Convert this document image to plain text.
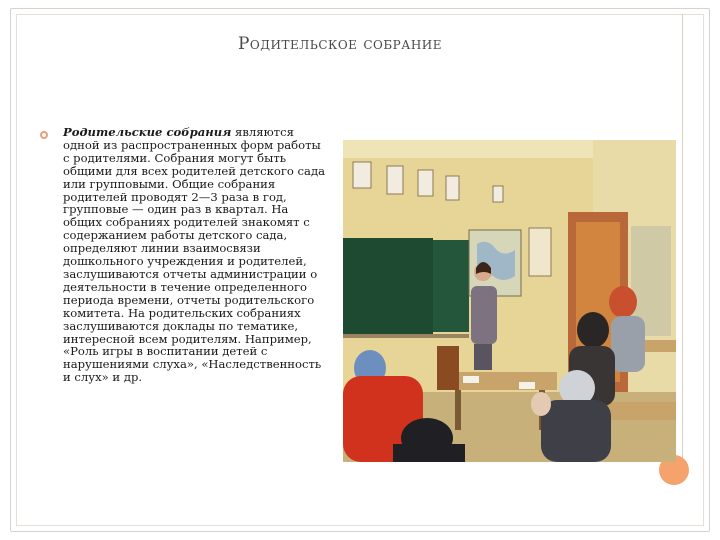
Родительское собрание
Родительские собрания являются одной из распространенных форм работы с родителями. Собрания могут быть общими для всех родителей детского сада или групповыми. Общие собрания родителей проводят 2—3 раза в год, групповые — один раз в квартал. На общих собраниях родителей знакомят с содержанием работы детского сада, определяют линии взаимосвязи дошкольного учреждения и родителей, заслушиваются отчеты администрации о деятельности в течение определенного периода времени, отчеты родительского комитета. На родительских собраниях заслушиваются доклады по тематике, интересной всем родителям. Например, «Роль игры в воспитании детей с нарушениями слуха», «Наследственность и слух» и др.
